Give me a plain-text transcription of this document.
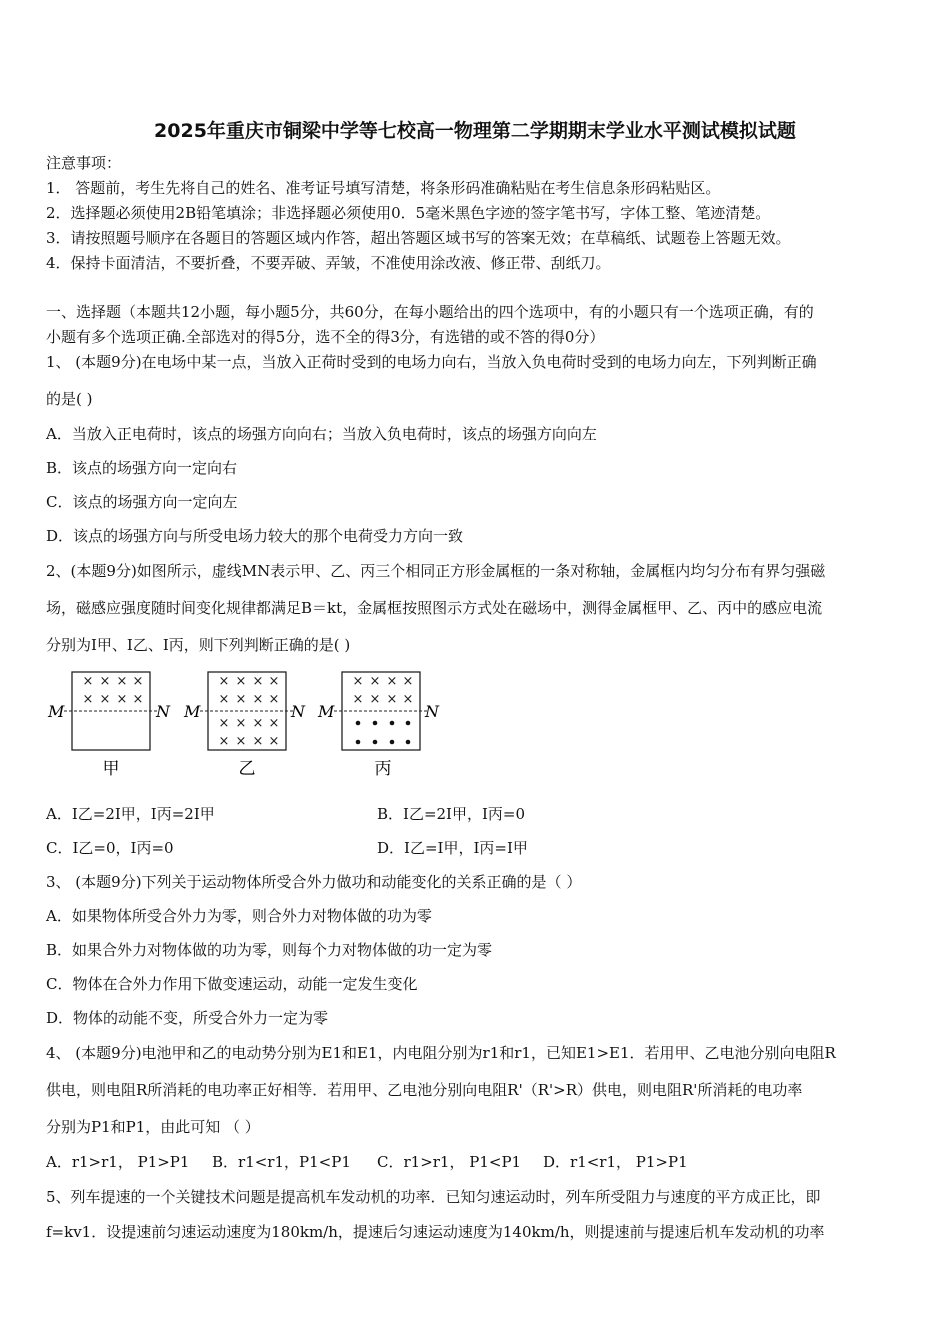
2025年重庆市铜梁中学等七校高一物理第二学期期末学业水平测试模拟试题
注意事项：
1． 答题前，考生先将自己的姓名、准考证号填写清楚，将条形码准确粘贴在考生信息条形码粘贴区。
2．选择题必须使用2B铅笔填涂；非选择题必须使用0．5毫米黑色字迹的签字笔书写，字体工整、笔迹清楚。
3．请按照题号顺序在各题目的答题区域内作答，超出答题区域书写的答案无效；在草稿纸、试题卷上答题无效。
4．保持卡面清洁，不要折叠，不要弄破、弄皱，不准使用涂改液、修正带、刮纸刀。
一、选择题（本题共12小题，每小题5分，共60分，在每小题给出的四个选项中，有的小题只有一个选项正确，有的
小题有多个选项正确.全部选对的得5分，选不全的得3分，有选错的或不答的得0分）
1、 (本题9分)在电场中某一点，当放入正荷时受到的电场力向右，当放入负电荷时受到的电场力向左，下列判断正确
的是( )
A．当放入正电荷时，该点的场强方向向右；当放入负电荷时，该点的场强方向向左
B．该点的场强方向一定向右
C．该点的场强方向一定向左
D．该点的场强方向与所受电场力较大的那个电荷受力方向一致
2、(本题9分)如图所示，虚线MN表示甲、乙、丙三个相同正方形金属框的一条对称轴，金属框内均匀分布有界匀强磁
场，磁感应强度随时间变化规律都满足B＝kt，金属框按照图示方式处在磁场中，测得金属框甲、乙、丙中的感应电流
分别为I甲、I乙、I丙，则下列判断正确的是( )
× × × ×
× × × ×
M	N
甲
× × × ×
× × × ×
× × × ×
× × × ×
M	N
乙
× × × ×
× × × ×
M	N
丙
A．I乙=2I甲，I丙=2I甲	B．I乙=2I甲，I丙=0
C．I乙=0，I丙=0	D．I乙=I甲，I丙=I甲
3、 (本题9分)下列关于运动物体所受合外力做功和动能变化的关系正确的是（ ）
A．如果物体所受合外力为零，则合外力对物体做的功为零
B．如果合外力对物体做的功为零，则每个力对物体做的功一定为零
C．物体在合外力作用下做变速运动，动能一定发生变化
D．物体的动能不变，所受合外力一定为零
4、 (本题9分)电池甲和乙的电动势分别为E1和E1，内电阻分别为r1和r1，已知E1>E1．若用甲、乙电池分别向电阻R
供电，则电阻R所消耗的电功率正好相等．若用甲、乙电池分别向电阻R'（R'>R）供电，则电阻R'所消耗的电功率
分别为P1和P1，由此可知 （ ）
A．r1>r1， P1>P1 B．r1<r1，P1<P1 C．r1>r1， P1<P1 D．r1<r1， P1>P1
5、列车提速的一个关键技术问题是提高机车发动机的功率．已知匀速运动时，列车所受阻力与速度的平方成正比，即
f=kv1．设提速前匀速运动速度为180km/h，提速后匀速运动速度为140km/h，则提速前与提速后机车发动机的功率
